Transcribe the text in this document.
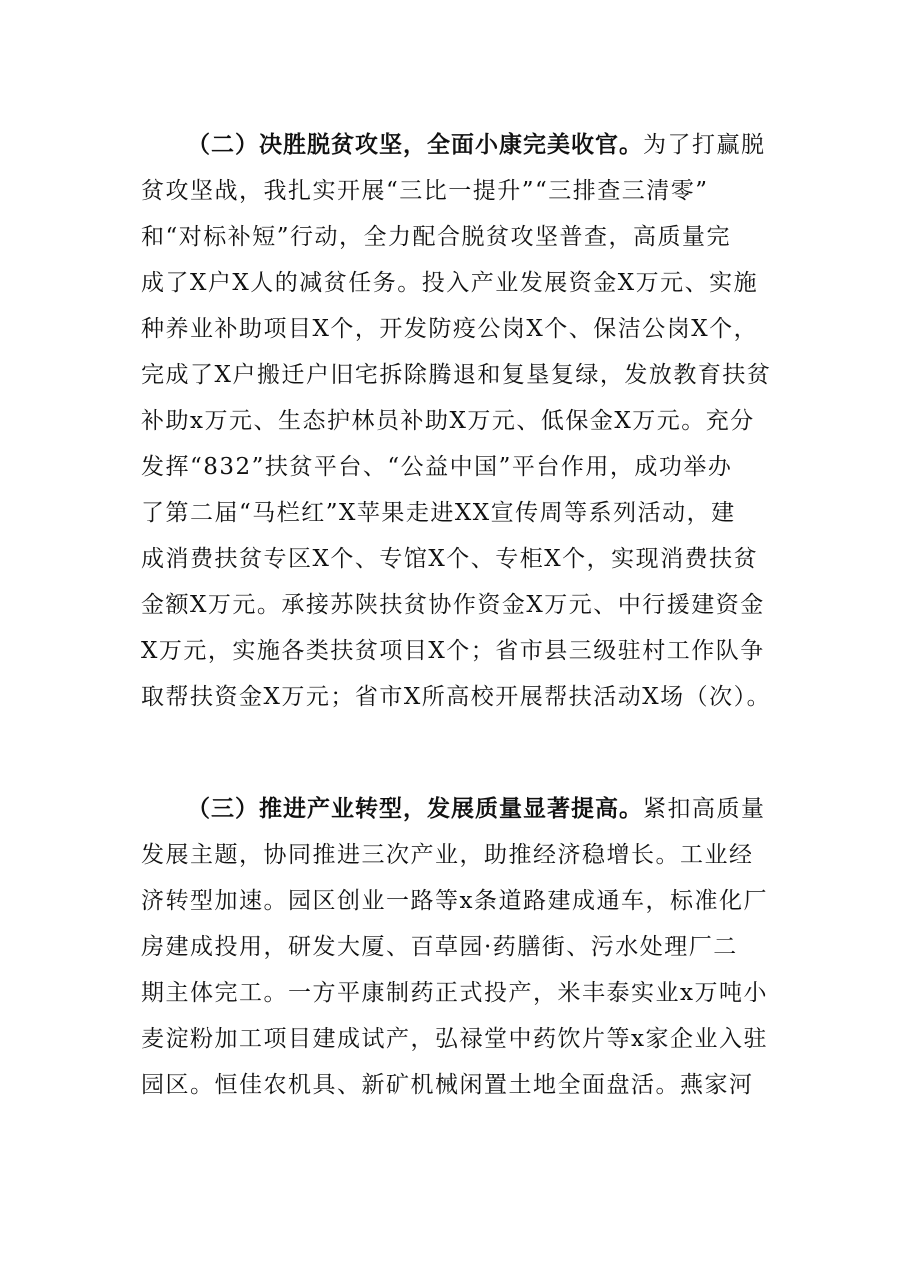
（二）决胜脱贫攻坚，全面小康完美收官。为了打赢脱
贫攻坚战，我扎实开展“三比一提升”“三排查三清零”
和“对标补短”行动，全力配合脱贫攻坚普查，高质量完
成了X户X人的减贫任务。投入产业发展资金X万元、实施
种养业补助项目X个，开发防疫公岗X个、保洁公岗X个，
完成了X户搬迁户旧宅拆除腾退和复垦复绿，发放教育扶贫
补助x万元、生态护林员补助X万元、低保金X万元。充分
发挥“832”扶贫平台、“公益中国”平台作用，成功举办
了第二届“马栏红”X苹果走进XX宣传周等系列活动，建
成消费扶贫专区X个、专馆X个、专柜X个，实现消费扶贫
金额X万元。承接苏陕扶贫协作资金X万元、中行援建资金
X万元，实施各类扶贫项目X个；省市县三级驻村工作队争
取帮扶资金X万元；省市X所高校开展帮扶活动X场（次）。
（三）推进产业转型，发展质量显著提高。紧扣高质量
发展主题，协同推进三次产业，助推经济稳增长。工业经
济转型加速。园区创业一路等x条道路建成通车，标准化厂
房建成投用，研发大厦、百草园·药膳街、污水处理厂二
期主体完工。一方平康制药正式投产，米丰泰实业x万吨小
麦淀粉加工项目建成试产，弘禄堂中药饮片等x家企业入驻
园区。恒佳农机具、新矿机械闲置土地全面盘活。燕家河
